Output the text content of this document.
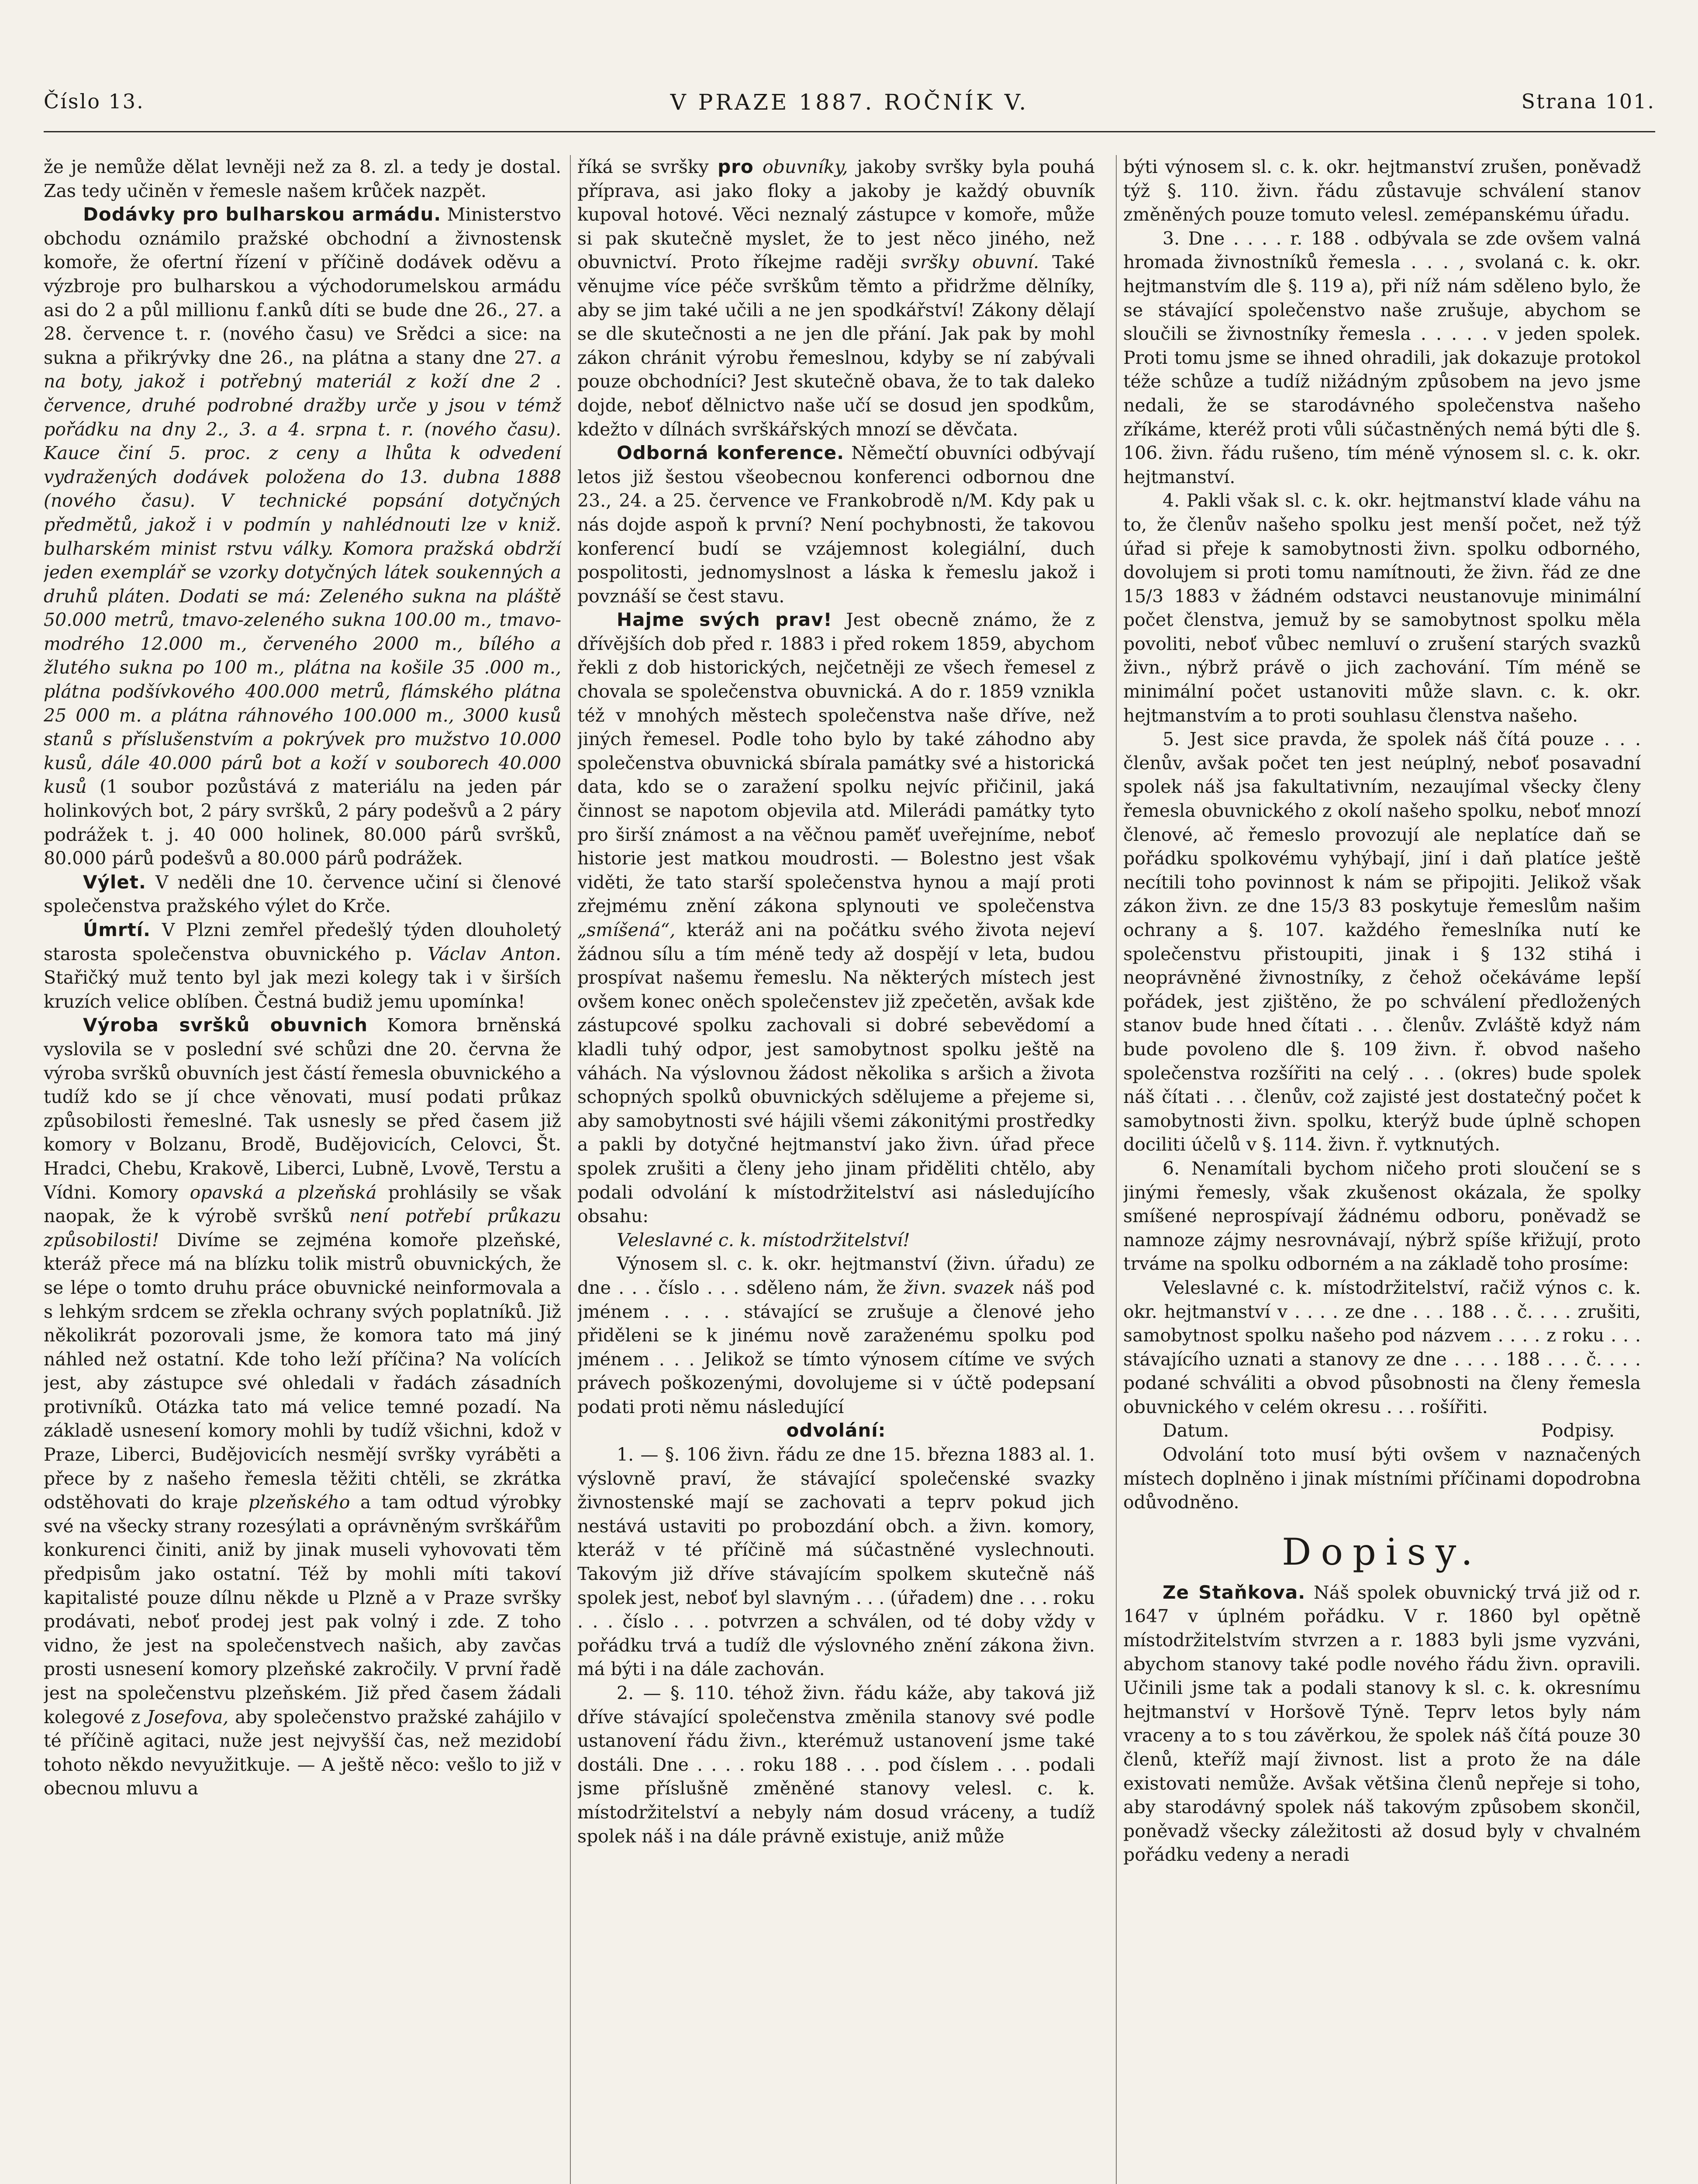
Číslo 13.	V PRAZE 1887. ROČNÍK V.	Strana 101.

že je nemůže dělat levněji než za 8. zl. a tedy je dostal. Zas tedy učiněn v řemesle našem krůček nazpět.

Dodávky pro bulharskou armádu. Ministerstvo obchodu oznámilo pražské obchodní a živnostensk komoře, že ofertní řízení v příčině dodávek oděvu a výzbroje pro bulharskou a východorumelskou armádu asi do 2 a půl millionu f.anků díti se bude dne 26., 27. a 28. července t. r. (nového času) ve Srědci a sice: na sukna a přikrývky dne 26., na plátna a stany dne 27. a na boty, jakož i potřebný materiál z koží dne 2 . července, druhé podrobné dražby urče y jsou v témž pořádku na dny 2., 3. a 4. srpna t. r. (nového času). Kauce činí 5. proc. z ceny a lhůta k odvedení vydražených dodávek položena do 13. dubna 1888 (nového času). V technické popsání dotyčných předmětů, jakož i v podmín y nahlédnouti lze v kniž. bulharském minist rstvu války. Komora pražská obdrží jeden exemplář se vzorky dotyčných látek soukenných a druhů pláten. Dodati se má: Zeleného sukna na pláště 50.000 metrů, tmavo-zeleného sukna 100.00 m., tmavo-modrého 12.000 m., červeného 2000 m., bílého a žlutého sukna po 100 m., plátna na košile 35 .000 m., plátna podšívkového 400.000 metrů, flámského plátna 25 000 m. a plátna ráhnového 100.000 m., 3000 kusů stanů s příslušenstvím a pokrývek pro mužstvo 10.000 kusů, dále 40.000 párů bot a koží v souborech 40.000 kusů (1 soubor pozůstává z materiálu na jeden pár holinkových bot, 2 páry svršků, 2 páry podešvů a 2 páry podrážek t. j. 40 000 holinek, 80.000 párů svršků, 80.000 párů podešvů a 80.000 párů podrážek.

Výlet. V neděli dne 10. července učiní si členové společenstva pražského výlet do Krče.

Úmrtí. V Plzni zemřel předešlý týden dlouholetý starosta společenstva obuvnického p. Václav Anton. Stařičký muž tento byl jak mezi kolegy tak i v širších kruzích velice oblíben. Čestná budiž jemu upomínka!

Výroba svršků obuvnich Komora brněnská vyslovila se v poslední své schůzi dne 20. června že výroba svršků obuvních jest částí řemesla obuvnického a tudíž kdo se jí chce věnovati, musí podati průkaz způsobilosti řemeslné. Tak usnesly se před časem již komory v Bolzanu, Brodě, Budějovicích, Celovci, Št. Hradci, Chebu, Krakově, Liberci, Lubně, Lvově, Terstu a Vídni. Komory opavská a plzeňská prohlásily se však naopak, že k výrobě svršků není potřebí průkazu způsobilosti! Divíme se zejména komoře plzeňské, kteráž přece má na blízku tolik mistrů obuvnických, že se lépe o tomto druhu práce obuvnické neinformovala a s lehkým srdcem se zřekla ochrany svých poplatníků. Již několikrát pozorovali jsme, že komora tato má jiný náhled než ostatní. Kde toho leží příčina? Na volících jest, aby zástupce své ohledali v řadách zásadních protivníků. Otázka tato má velice temné pozadí. Na základě usnesení komory mohli by tudíž všichni, kdož v Praze, Liberci, Budějovicích nesmějí svršky vyráběti a přece by z našeho řemesla těžiti chtěli, se zkrátka odstěhovati do kraje plzeňského a tam odtud výrobky své na všecky strany rozesýlati a oprávněným svrškářům konkurenci činiti, aniž by jinak museli vyhovovati těm předpisům jako ostatní. Též by mohli míti takoví kapitalisté pouze dílnu někde u Plzně a v Praze svršky prodávati, neboť prodej jest pak volný i zde. Z toho vidno, že jest na společenstvech našich, aby zavčas prosti usnesení komory plzeňské zakročily. V první řadě jest na společenstvu plzeňském. Již před časem žádali kolegové z Josefova, aby společenstvo pražské zahájilo v té příčině agitaci, nuže jest nejvyšší čas, než mezidobí tohoto někdo nevyužitkuje. — A ještě něco: vešlo to již v obecnou mluvu a

říká se svršky pro obuvníky, jakoby svršky byla pouhá příprava, asi jako floky a jakoby je každý obuvník kupoval hotové. Věci neznalý zástupce v komoře, může si pak skutečně myslet, že to jest něco jiného, než obuvnictví. Proto říkejme raději svršky obuvní. Také věnujme více péče svrškům těmto a přidržme dělníky, aby se jim také učili a ne jen spodkářství! Zákony dělají se dle skutečnosti a ne jen dle přání. Jak pak by mohl zákon chránit výrobu řemeslnou, kdyby se ní zabývali pouze obchodníci? Jest skutečně obava, že to tak daleko dojde, neboť dělnictvo naše učí se dosud jen spodkům, kdežto v dílnách svrškářských mnozí se děvčata.

Odborná konference. Němečtí obuvníci odbývají letos již šestou všeobecnou konferenci odbornou dne 23., 24. a 25. července ve Frankobrodě n/M. Kdy pak u nás dojde aspoň k první? Není pochybnosti, že takovou konferencí budí se vzájemnost kolegiální, duch pospolitosti, jednomyslnost a láska k řemeslu jakož i povznáší se čest stavu.

Hajme svých prav! Jest obecně známo, že z dřívějších dob před r. 1883 i před rokem 1859, abychom řekli z dob historických, nejčetněji ze všech řemesel z chovala se společenstva obuvnická. A do r. 1859 vznikla též v mnohých městech společenstva naše dříve, než jiných řemesel. Podle toho bylo by také záhodno aby společenstva obuvnická sbírala památky své a historická data, kdo se o zaražení spolku nejvíc přičinil, jaká činnost se napotom objevila atd. Milerádi památky tyto pro širší známost a na věčnou paměť uveřejníme, neboť historie jest matkou moudrosti. — Bolestno jest však viděti, že tato starší společenstva hynou a mají proti zřejmému znění zákona splynouti ve společenstva „smíšená“, kteráž ani na počátku svého života nejeví žádnou sílu a tím méně tedy až dospějí v leta, budou prospívat našemu řemeslu. Na některých místech jest ovšem konec oněch společenstev již zpečetěn, avšak kde zástupcové spolku zachovali si dobré sebevědomí a kladli tuhý odpor, jest samobytnost spolku ještě na váhách. Na výslovnou žádost několika s aršich a života schopných spolků obuvnických sdělujeme a přejeme si, aby samobytnosti své hájili všemi zákonitými prostředky a pakli by dotyčné hejtmanství jako živn. úřad přece spolek zrušiti a členy jeho jinam přiděliti chtělo, aby podali odvolání k místodržitelství asi následujícího obsahu:

Veleslavné c. k. místodržitelství!

Výnosem sl. c. k. okr. hejtmanství (živn. úřadu) ze dne . . . číslo . . . sděleno nám, že živn. svazek náš pod jménem . . . . stávající se zrušuje a členové jeho přiděleni se k jinému nově zaraženému spolku pod jménem . . . Jelikož se tímto výnosem cítíme ve svých právech poškozenými, dovolujeme si v účtě podepsaní podati proti němu následující

odvolání:

1. — §. 106 živn. řádu ze dne 15. března 1883 al. 1. výslovně praví, že stávající společenské svazky živnostenské mají se zachovati a teprv pokud jich nestává ustaviti po probozdání obch. a živn. komory, kteráž v té příčině má súčastněné vyslechnouti. Takovým již dříve stávajícím spolkem skutečně náš spolek jest, neboť byl slavným . . . (úřadem) dne . . . roku . . . číslo . . . potvrzen a schválen, od té doby vždy v pořádku trvá a tudíž dle výslovného znění zákona živn. má býti i na dále zachován.

2. — §. 110. téhož živn. řádu káže, aby taková již dříve stávající společenstva změnila stanovy své podle ustanovení řádu živn., kterémuž ustanovení jsme také dostáli. Dne . . . . roku 188 . . . pod číslem . . . podali jsme příslušně změněné stanovy velesl. c. k. místodržitelství a nebyly nám dosud vráceny, a tudíž spolek náš i na dále právně existuje, aniž může

býti výnosem sl. c. k. okr. hejtmanství zrušen, poněvadž týž §. 110. živn. řádu zůstavuje schválení stanov změněných pouze tomuto velesl. zemépanskému úřadu.

3. Dne . . . . r. 188 . odbývala se zde ovšem valná hromada živnostníků řemesla . . . , svolaná c. k. okr. hejtmanstvím dle §. 119 a), při níž nám sděleno bylo, že se stávající společenstvo naše zrušuje, abychom se sloučili se živnostníky řemesla . . . . . v jeden spolek. Proti tomu jsme se ihned ohradili, jak dokazuje protokol téže schůze a tudíž nižádným způsobem na jevo jsme nedali, že se starodávného společenstva našeho zříkáme, kteréž proti vůli súčastněných nemá býti dle §. 106. živn. řádu rušeno, tím méně výnosem sl. c. k. okr. hejtmanství.

4. Pakli však sl. c. k. okr. hejtmanství klade váhu na to, že členův našeho spolku jest menší počet, než týž úřad si přeje k samobytnosti živn. spolku odborného, dovolujem si proti tomu namítnouti, že živn. řád ze dne 15/3 1883 v žádném odstavci neustanovuje minimální počet členstva, jemuž by se samobytnost spolku měla povoliti, neboť vůbec nemluví o zrušení starých svazků živn., nýbrž právě o jich zachování. Tím méně se minimální počet ustanoviti může slavn. c. k. okr. hejtmanstvím a to proti souhlasu členstva našeho.

5. Jest sice pravda, že spolek náš čítá pouze . . . členův, avšak počet ten jest neúplný, neboť posavadní spolek náš jsa fakultativním, nezaujímal všecky členy řemesla obuvnického z okolí našeho spolku, neboť mnozí členové, ač řemeslo provozují ale neplatíce daň se pořádku spolkovému vyhýbají, jiní i daň platíce ještě necítili toho povinnost k nám se připojiti. Jelikož však zákon živn. ze dne 15/3 83 poskytuje řemeslům našim ochrany a §. 107. každého řemeslníka nutí ke společenstvu přistoupiti, jinak i § 132 stihá i neoprávněné živnostníky, z čehož očekáváme lepší pořádek, jest zjištěno, že po schválení předložených stanov bude hned čítati . . . členův. Zvláště když nám bude povoleno dle §. 109 živn. ř. obvod našeho společenstva rozšířiti na celý . . . (okres) bude spolek náš čítati . . . členův, což zajisté jest dostatečný počet k samobytnosti živn. spolku, kterýž bude úplně schopen dociliti účelů v §. 114. živn. ř. vytknutých.

6. Nenamítali bychom ničeho proti sloučení se s jinými řemesly, však zkušenost okázala, že spolky smíšené neprospívají žádnému odboru, poněvadž se namnoze zájmy nesrovnávají, nýbrž spíše křižují, proto trváme na spolku odborném a na základě toho prosíme:

Veleslavné c. k. místodržitelství, račiž výnos c. k. okr. hejtmanství v . . . . ze dne . . . 188 . . č. . . . zrušiti, samobytnost spolku našeho pod názvem . . . . z roku . . . stávajícího uznati a stanovy ze dne . . . . 188 . . . č. . . . podané schváliti a obvod působnosti na členy řemesla obuvnického v celém okresu . . . rošířiti.

Datum.	Podpisy.

Odvolání toto musí býti ovšem v naznačených místech doplněno i jinak místními příčinami dopodrobna odůvodněno.

Dopisy.

Ze Staňkova. Náš spolek obuvnický trvá již od r. 1647 v úplném pořádku. V r. 1860 byl opětně místodržitelstvím stvrzen a r. 1883 byli jsme vyzváni, abychom stanovy také podle nového řádu živn. opravili. Učinili jsme tak a podali stanovy k sl. c. k. okresnímu hejtmanství v Horšově Týně. Teprv letos byly nám vraceny a to s tou závěrkou, že spolek náš čítá pouze 30 členů, kteříž mají živnost. list a proto že na dále existovati nemůže. Avšak většina členů nepřeje si toho, aby starodávný spolek náš takovým způsobem skončil, poněvadž všecky záležitosti až dosud byly v chvalném pořádku vedeny a neradi
